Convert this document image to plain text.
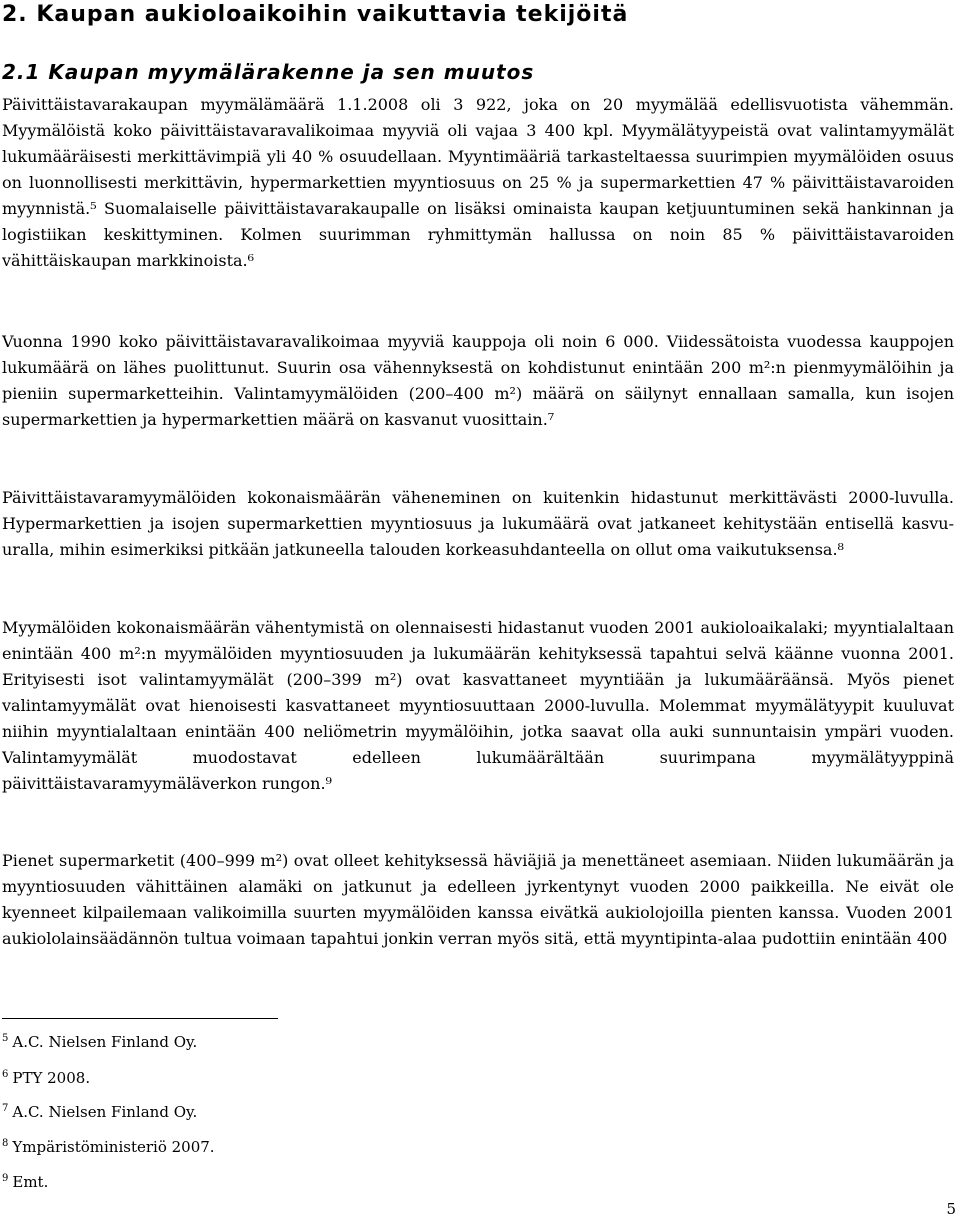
2. Kaupan aukioloaikoihin vaikuttavia tekijöitä
2.1 Kaupan myymälärakenne ja sen muutos

Päivittäistavarakaupan myymälämäärä 1.1.2008 oli 3 922, joka on 20 myymälää edellisvuotista vähemmän. Myymälöistä koko päivittäistavaravalikoimaa myyviä oli vajaa 3 400 kpl. Myymälätyypeistä ovat valintamyymälät lukumääräisesti merkittävimpiä yli 40 % osuudellaan. Myyntimääriä tarkasteltaessa suurimpien myymälöiden osuus on luonnollisesti merkittävin, hypermarkettien myyntiosuus on 25 % ja supermarkettien 47 % päivittäistavaroiden myynnistä.⁵ Suomalaiselle päivittäistavarakaupalle on lisäksi ominaista kaupan ketjuuntuminen sekä hankinnan ja logistiikan keskittyminen. Kolmen suurimman ryhmittymän hallussa on noin 85 % päivittäistavaroiden vähittäiskaupan markkinoista.⁶

Vuonna 1990 koko päivittäistavaravalikoimaa myyviä kauppoja oli noin 6 000. Viidessätoista vuodessa kauppojen lukumäärä on lähes puolittunut. Suurin osa vähennyksestä on kohdistunut enintään 200 m²:n pienmyymälöihin ja pieniin supermarketteihin. Valintamyymälöiden (200–400 m²) määrä on säilynyt ennallaan samalla, kun isojen supermarkettien ja hypermarkettien määrä on kasvanut vuosittain.⁷

Päivittäistavaramyymälöiden kokonaismäärän väheneminen on kuitenkin hidastunut merkittävästi 2000-luvulla. Hypermarkettien ja isojen supermarkettien myyntiosuus ja lukumäärä ovat jatkaneet kehitystään entisellä kasvu-uralla, mihin esimerkiksi pitkään jatkuneella talouden korkeasuhdanteella on ollut oma vaikutuksensa.⁸

Myymälöiden kokonaismäärän vähentymistä on olennaisesti hidastanut vuoden 2001 aukioloaikalaki; myyntialaltaan enintään 400 m²:n myymälöiden myyntiosuuden ja lukumäärän kehityksessä tapahtui selvä käänne vuonna 2001. Erityisesti isot valintamyymälät (200–399 m²) ovat kasvattaneet myyntiään ja lukumääräänsä. Myös pienet valintamyymälät ovat hienoisesti kasvattaneet myyntiosuuttaan 2000-luvulla. Molemmat myymälätyypit kuuluvat niihin myyntialaltaan enintään 400 neliömetrin myymälöihin, jotka saavat olla auki sunnuntaisin ympäri vuoden. Valintamyymälät muodostavat edelleen lukumäärältään suurimpana myymälätyyppinä päivittäistavaramyymäläverkon rungon.⁹

Pienet supermarketit (400–999 m²) ovat olleet kehityksessä häviäjiä ja menettäneet asemiaan. Niiden lukumäärän ja myyntiosuuden vähittäinen alamäki on jatkunut ja edelleen jyrkentynyt vuoden 2000 paikkeilla. Ne eivät ole kyenneet kilpailemaan valikoimilla suurten myymälöiden kanssa eivätkä aukiolojoilla pienten kanssa. Vuoden 2001 aukiololainsäädännön tultua voimaan tapahtui jonkin verran myös sitä, että myyntipinta-alaa pudottiin enintään 400

$^5$ A.C. Nielsen Finland Oy.

$^6$ PTY 2008.

$^7$ A.C. Nielsen Finland Oy.

$^8$ Ympäristöministeriö 2007.

$^9$ Emt.

5
